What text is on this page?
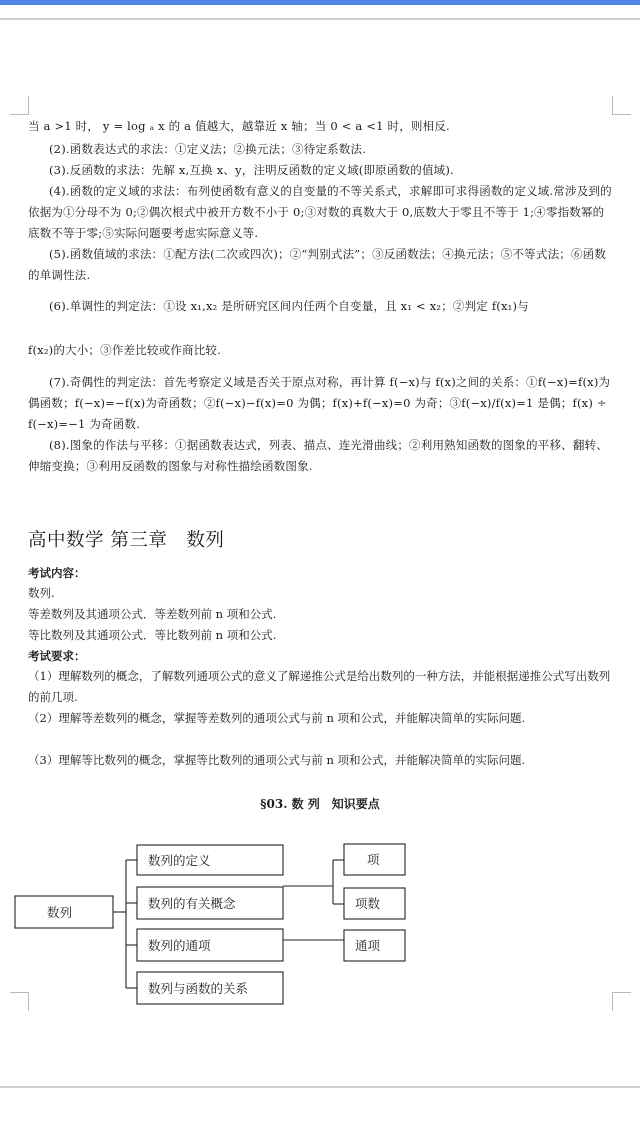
当 a >1 时， y = log ₐ x 的 a 值越大，越靠近 x 轴；当 0 < a <1 时，则相反.
(2).函数表达式的求法：①定义法；②换元法；③待定系数法.
(3).反函数的求法：先解 x,互换 x、y，注明反函数的定义域(即原函数的值域).
(4).函数的定义域的求法：布列使函数有意义的自变量的不等关系式，求解即可求得函数的定义域.常涉及到的依据为①分母不为 0;②偶次根式中被开方数不小于 0;③对数的真数大于 0,底数大于零且不等于 1;④零指数幂的底数不等于零;⑤实际问题要考虑实际意义等.
(5).函数值域的求法：①配方法(二次或四次)；②“判别式法”；③反函数法；④换元法；⑤不等式法；⑥函数的单调性法.
(6).单调性的判定法：①设 x₁,x₂ 是所研究区间内任两个自变量，且 x₁ < x₂；②判定 f(x₁)与
f(x₂)的大小；③作差比较或作商比较.
(7).奇偶性的判定法：首先考察定义域是否关于原点对称，再计算 f(−x)与 f(x)之间的关系：①f(−x)=f(x)为偶函数；f(−x)=−f(x)为奇函数；②f(−x)−f(x)=0 为偶；f(x)+f(−x)=0 为奇；③f(−x)/f(x)=1 是偶；f(x) ÷ f(−x)=−1 为奇函数.
(8).图象的作法与平移：①据函数表达式，列表、描点、连光滑曲线；②利用熟知函数的图象的平移、翻转、伸缩变换；③利用反函数的图象与对称性描绘函数图象.
高中数学 第三章　数列
考试内容：
数列.
等差数列及其通项公式．等差数列前 n 项和公式.
等比数列及其通项公式．等比数列前 n 项和公式.
考试要求：
（1）理解数列的概念，了解数列通项公式的意义了解递推公式是给出数列的一种方法，并能根据递推公式写出数列的前几项.
（2）理解等差数列的概念，掌握等差数列的通项公式与前 n 项和公式，并能解决简单的实际问题.
（3）理解等比数列的概念，掌握等比数列的通项公式与前 n 项和公式，并能解决简单的实际问题.
§03. 数 列　知识要点
数列
数列的定义
数列的有关概念
数列的通项
数列与函数的关系
项
项数
通项
